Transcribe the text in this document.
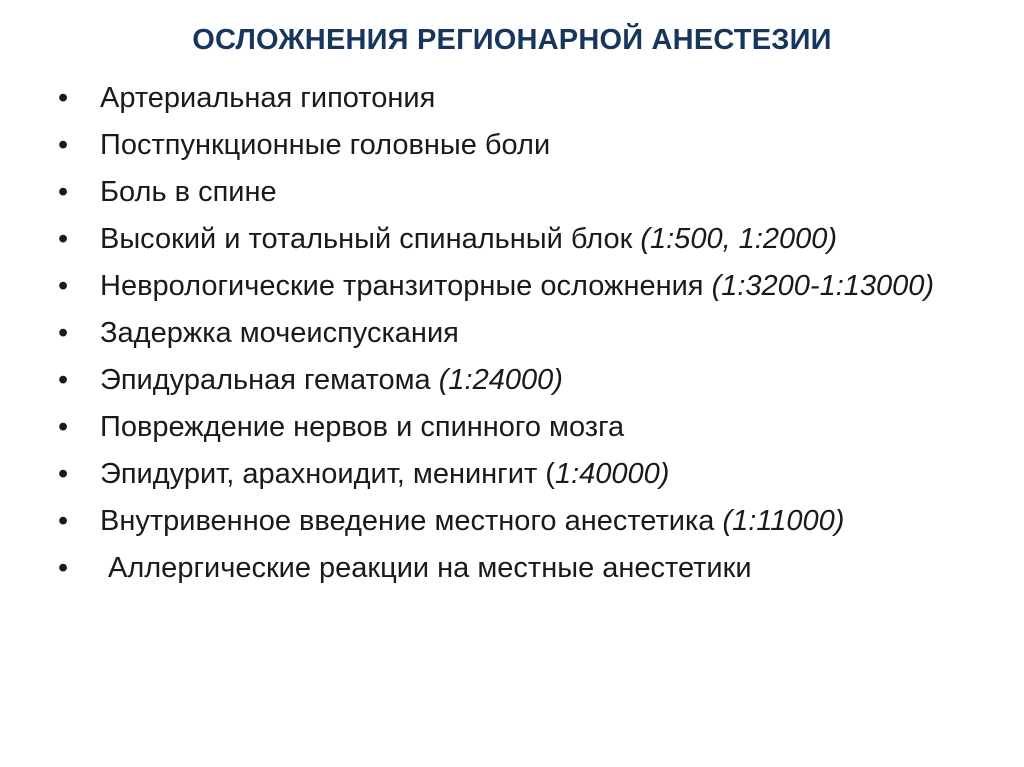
ОСЛОЖНЕНИЯ РЕГИОНАРНОЙ АНЕСТЕЗИИ
•	Артериальная гипотония
•	Постпункционные головные боли
•	Боль в спине
•	Высокий и тотальный спинальный блок (1:500, 1:2000)
•	Неврологические транзиторные осложнения (1:3200-1:13000)
•	Задержка мочеиспускания
•	Эпидуральная гематома (1:24000)
•	Повреждение нервов и спинного мозга
•	Эпидурит, арахноидит, менингит (1:40000)
•	Внутривенное введение местного анестетика (1:11000)
•	Аллергические реакции на местные анестетики
